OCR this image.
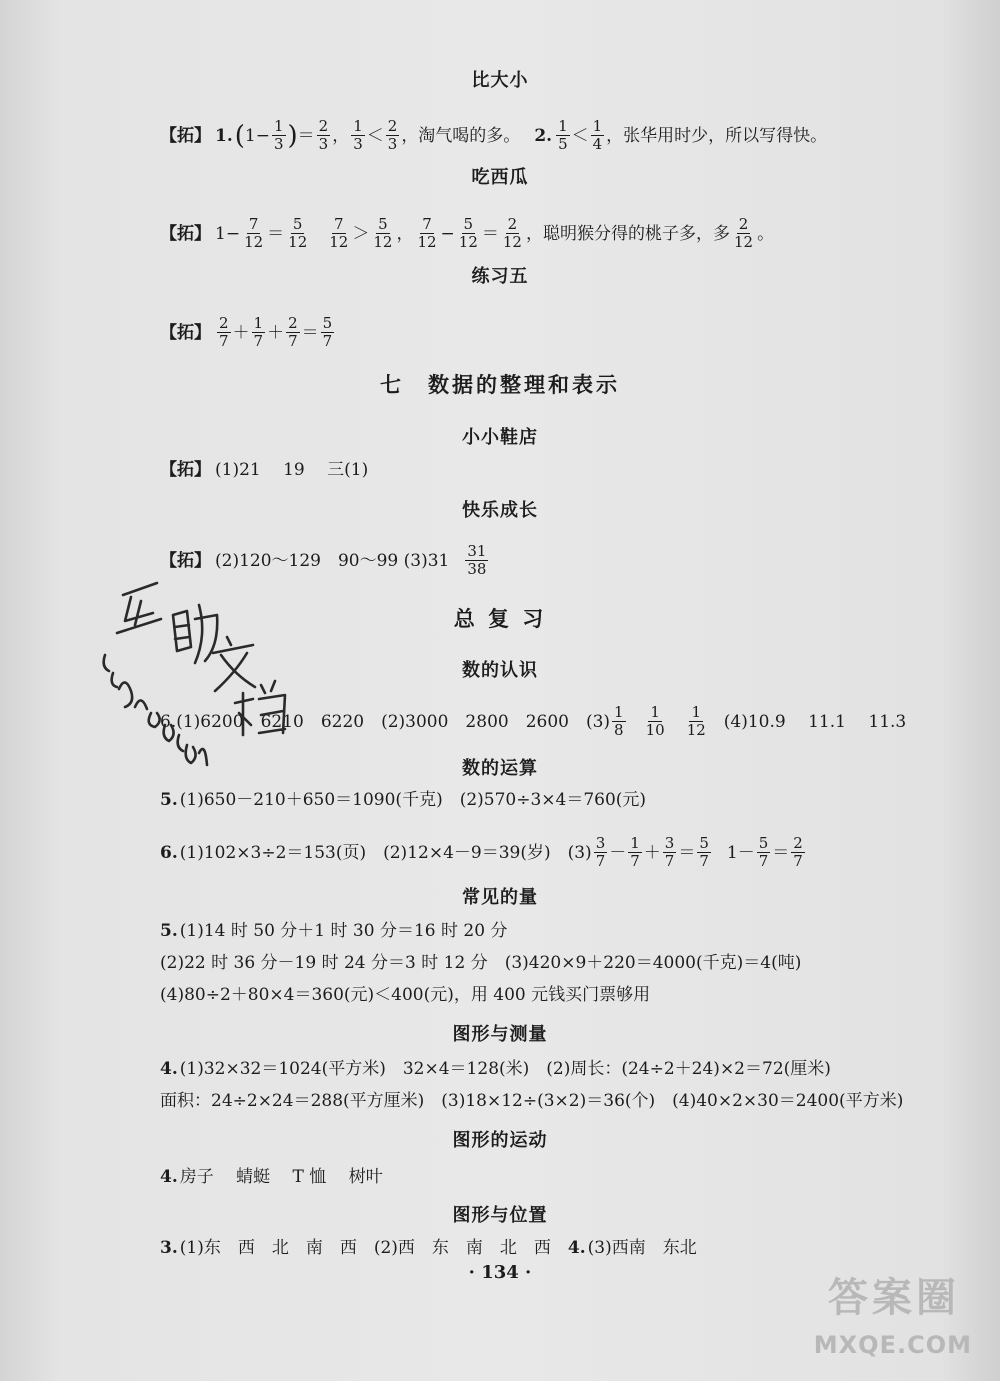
比大小
【拓】 1. ( $1- \frac{1}{3}$ ) ＝ $\frac{2}{3}$ ， $\frac{1}{3} < \frac{2}{3}$ ，淘气喝的多。 2. $\frac{1}{5} < \frac{1}{4}$ ，张华用时少，所以写得快。
吃西瓜
【拓】 $1- \frac{7}{12} = \frac{5}{12} \frac{7}{12} > \frac{5}{12}$ ， $\frac{7}{12} - \frac{5}{12} = \frac{2}{12}$ ，聪明猴分得的桃子多，多 $\frac{2}{12}$ 。
练习五
【拓】 $\frac{2}{7} + \frac{1}{7} + \frac{2}{7} = \frac{5}{7}$
七　数据的整理和表示
小小鞋店
【拓】 (1)21　 19　 三(1)
快乐成长
【拓】 (2)120～129　90～99 $(3)31 \frac{31}{38}$
总 复 习
数的认识
6.(1)6200　6210　6220　(2)3000　2800　2600　$(3) \frac{1}{8} \frac{1}{10} \frac{1}{12} (4)10.9$　 11.1　 11.3
数的运算
5. (1)650－210＋650＝1090(千克)　(2)570÷3×4＝760(元)
6. (1)102×3÷2＝153(页)　(2)12×4－9＝39(岁)　$(3) \frac{3}{7} - \frac{1}{7} + \frac{3}{7} = \frac{5}{7} 1- \frac{5}{7} = \frac{2}{7}$
常见的量
5. (1)14 时 50 分＋1 时 30 分＝16 时 20 分
(2)22 时 36 分－19 时 24 分＝3 时 12 分　(3)420×9＋220＝4000(千克)＝4(吨)
(4)80÷2＋80×4＝360(元)＜400(元)，用 400 元钱买门票够用
图形与测量
4. (1)32×32＝1024(平方米)　32×4＝128(米)　(2)周长：(24÷2＋24)×2＝72(厘米)
面积：24÷2×24＝288(平方厘米)　(3)18×12÷(3×2)＝36(个)　(4)40×2×30＝2400(平方米)
图形的运动
4. 房子　 蜻蜓　 T 恤　 树叶
图形与位置
3. (1)东　西　北　南　西　(2)西　东　南　北　西　 4. (3)西南　东北
· 134 ·
答案圈
MXQE.COM
